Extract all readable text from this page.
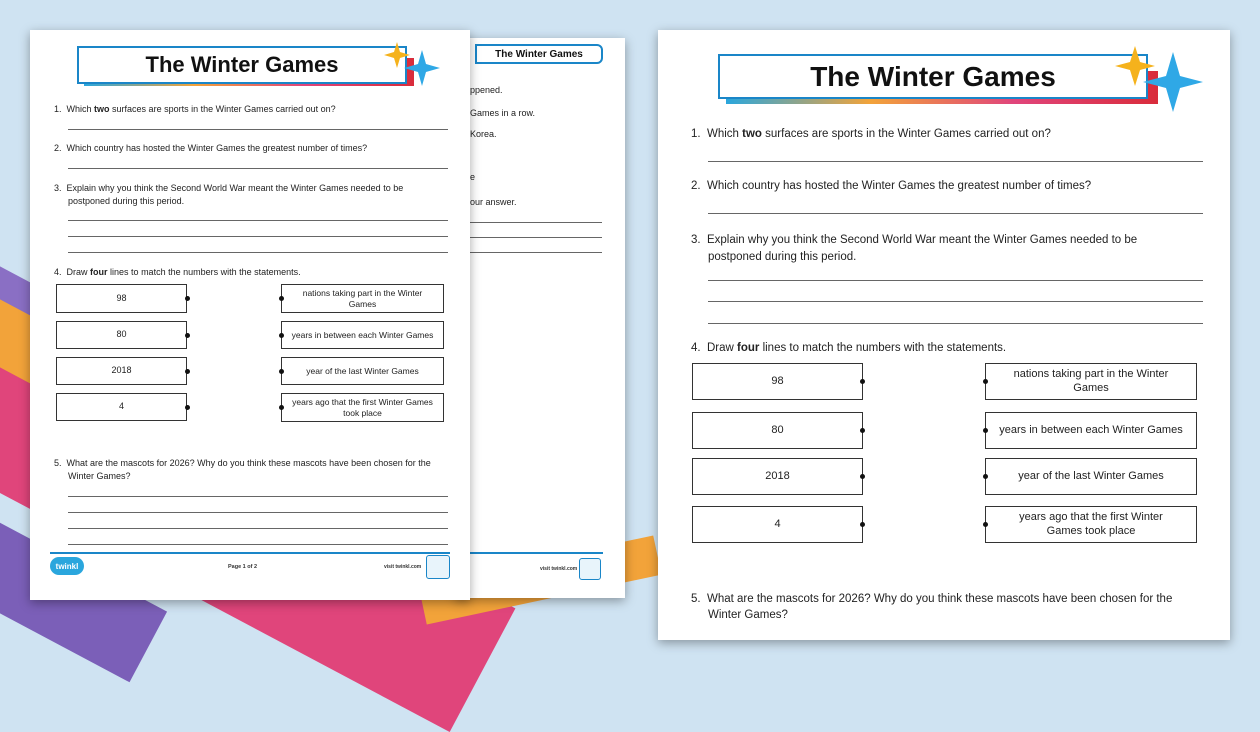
The Winter Games
ppened.
Games in a row.
Korea.
e
our answer.
visit twinkl.com
The Winter Games
1. Which two surfaces are sports in the Winter Games carried out on?
2. Which country has hosted the Winter Games the greatest number of times?
3. Explain why you think the Second World War meant the Winter Games needed to be
postponed during this period.
4. Draw four lines to match the numbers with the statements.
98
80
2018
4
nations taking part in the Winter Games
years in between each Winter Games
year of the last Winter Games
years ago that the first Winter Games took place
5. What are the mascots for 2026? Why do you think these mascots have been chosen for the
Winter Games?
twinkl	Page 1 of 2	visit twinkl.com
The Winter Games
1. Which two surfaces are sports in the Winter Games carried out on?
2. Which country has hosted the Winter Games the greatest number of times?
3. Explain why you think the Second World War meant the Winter Games needed to be
postponed during this period.
4. Draw four lines to match the numbers with the statements.
98
80
2018
4
nations taking part in the Winter Games
years in between each Winter Games
year of the last Winter Games
years ago that the first Winter Games took place
5. What are the mascots for 2026? Why do you think these mascots have been chosen for the
Winter Games?
